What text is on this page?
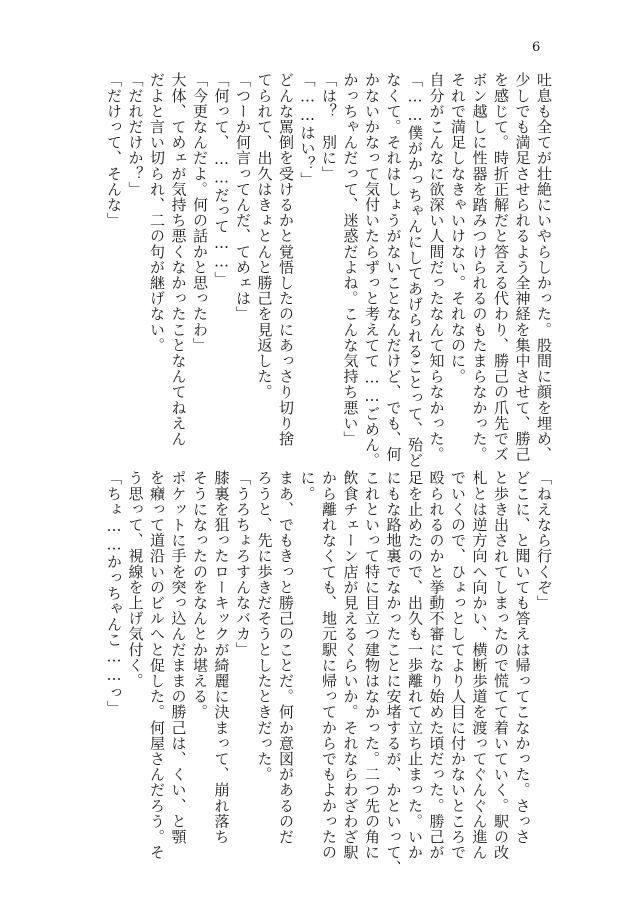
6
吐息も全てが壮絶にいやらしかった。股間に顔を埋め、
少しでも満足させられるよう全神経を集中させて、勝己
を感じて。時折正解だと答える代わり、勝己の爪先でズ
ボン越しに性器を踏みつけられるのもたまらなかった。
それで満足しなきゃいけない。それなのに。
自分がこんなに欲深い人間だったなんて知らなかった。
「……僕がかっちゃんにしてあげられることって、殆ど
なくて。それはしょうがないことなんだけど、でも、何
かないかなって気付いたらずっと考えてて……ごめん。
かっちゃんだって、迷惑だよね。こんな気持ち悪い」
「は？　別に」
「……はい？」
どんな罵倒を受けるかと覚悟したのにあっさり切り捨
てられて、出久はきょとんと勝己を見返した。
「つーか何言ってんだ、てめェは」
「何って、……だって……」
「今更なんだよ。何の話かと思ったわ」
大体、てめェが気持ち悪くなかったことなんてねえん
だよと言い切られ、二の句が継げない。
「だれだけか？」
「だけって、そんな」
「ねえなら行くぞ」
どこに、と聞いても答えは帰ってこなかった。さっさ
と歩き出されてしまったので慌てて着いていく。駅の改
札とは逆方向へ向かい、横断歩道を渡ってぐんぐん進ん
でいくので、ひょっとしてより人目に付かないところで
殴られるのかと挙動不審になり始めた頃だった。勝己が
足を止めたので、出久も一歩離れて立ち止まった。いか
にもな路地裏でなかったことに安堵するが、かといって、
これといって特に目立つ建物はなかった。二つ先の角に
飲食チェーン店が見えるくらいか。それならわざわざ駅
から離れなくても、地元駅に帰ってからでもよかったの
に。
まあ、でもきっと勝己のことだ。何か意図があるのだ
ろうと、先に歩きだそうとしたときだった。
「うろちょろすんなバカ」
膝裏を狙ったローキックが綺麗に決まって、崩れ落ち
そうになったのをなんとか堪える。
ポケットに手を突っ込んだままの勝己は、くい、と顎
を癪って道沿いのビルへと促した。何屋さんだろう。そ
う思って、視線を上げ気付く。
「ちょ……かっちゃんこ……っ」
